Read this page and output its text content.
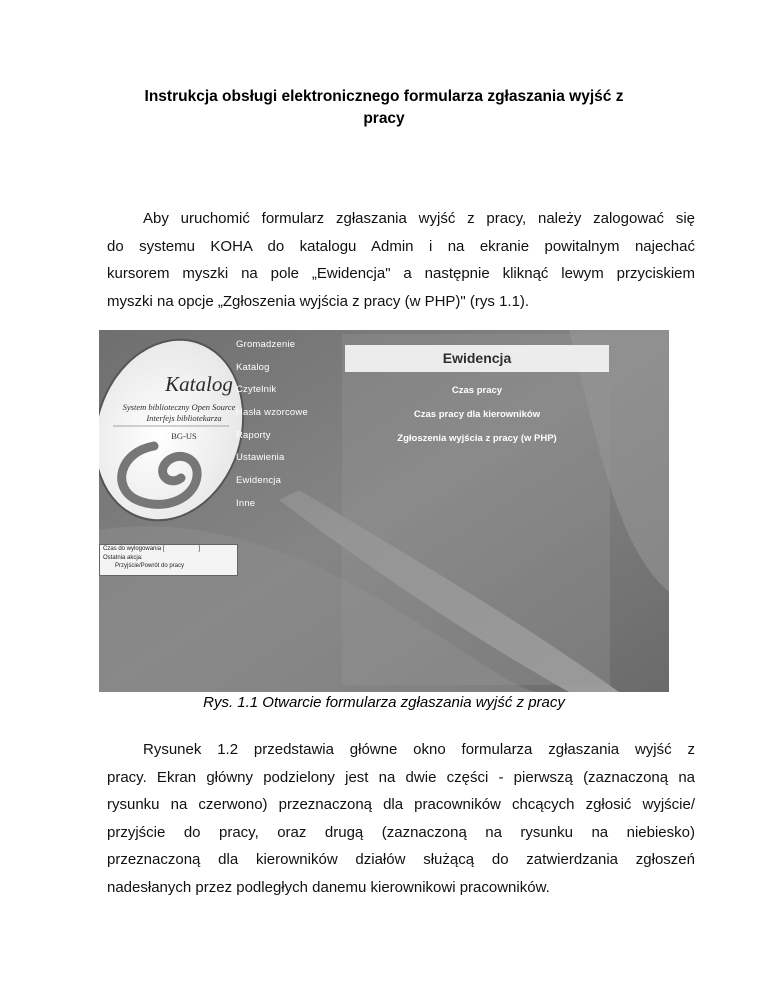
Instrukcja obsługi elektronicznego formularza zgłaszania wyjść z
pracy
Aby uruchomić formularz zgłaszania wyjść z pracy, należy zalogować się
do systemu KOHA do katalogu Admin i na ekranie powitalnym najechać
kursorem myszki na pole „Ewidencja" a następnie kliknąć lewym przyciskiem
myszki na opcje „Zgłoszenia wyjścia z pracy (w PHP)" (rys 1.1).
Katalog
System biblioteczny Open Source
Interfejs bibliotekarza
BG-US
Gromadzenie
Katalog
Czytelnik
Hasła wzorcowe
Raporty
Ustawienia
Ewidencja
Inne
Ewidencja
Czas pracy
Czas pracy dla kierowników
Zgłoszenia wyjścia z pracy (w PHP)
Czas do wylogowania [	]
Ostatnia akcja:
Przyjście/Powrót do pracy
Rys. 1.1 Otwarcie formularza zgłaszania wyjść z pracy
Rysunek 1.2 przedstawia główne okno formularza zgłaszania wyjść z
pracy. Ekran główny podzielony jest na dwie części - pierwszą (zaznaczoną na
rysunku na czerwono) przeznaczoną dla pracowników chcących zgłosić wyjście/
przyjście do pracy, oraz drugą (zaznaczoną na rysunku na niebiesko)
przeznaczoną dla kierowników działów służącą do zatwierdzania zgłoszeń
nadesłanych przez podległych danemu kierownikowi pracowników.
